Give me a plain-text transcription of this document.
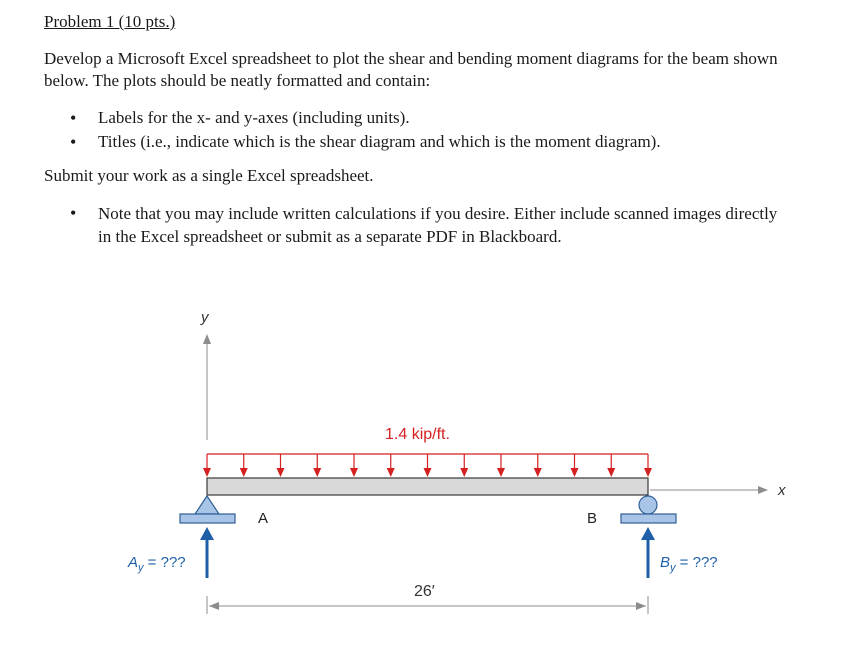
Problem 1 (10 pts.)
Develop a Microsoft Excel spreadsheet to plot the shear and bending moment diagrams for the beam shown below. The plots should be neatly formatted and contain:
• Labels for the x- and y-axes (including units).
• Titles (i.e., indicate which is the shear diagram and which is the moment diagram).
Submit your work as a single Excel spreadsheet.
• Note that you may include written calculations if you desire. Either include scanned images directly in the Excel spreadsheet or submit as a separate PDF in Blackboard.
y
x
1.4 kip/ft.
A	B
$A_y$ = ???	$B_y$ = ???
26′
